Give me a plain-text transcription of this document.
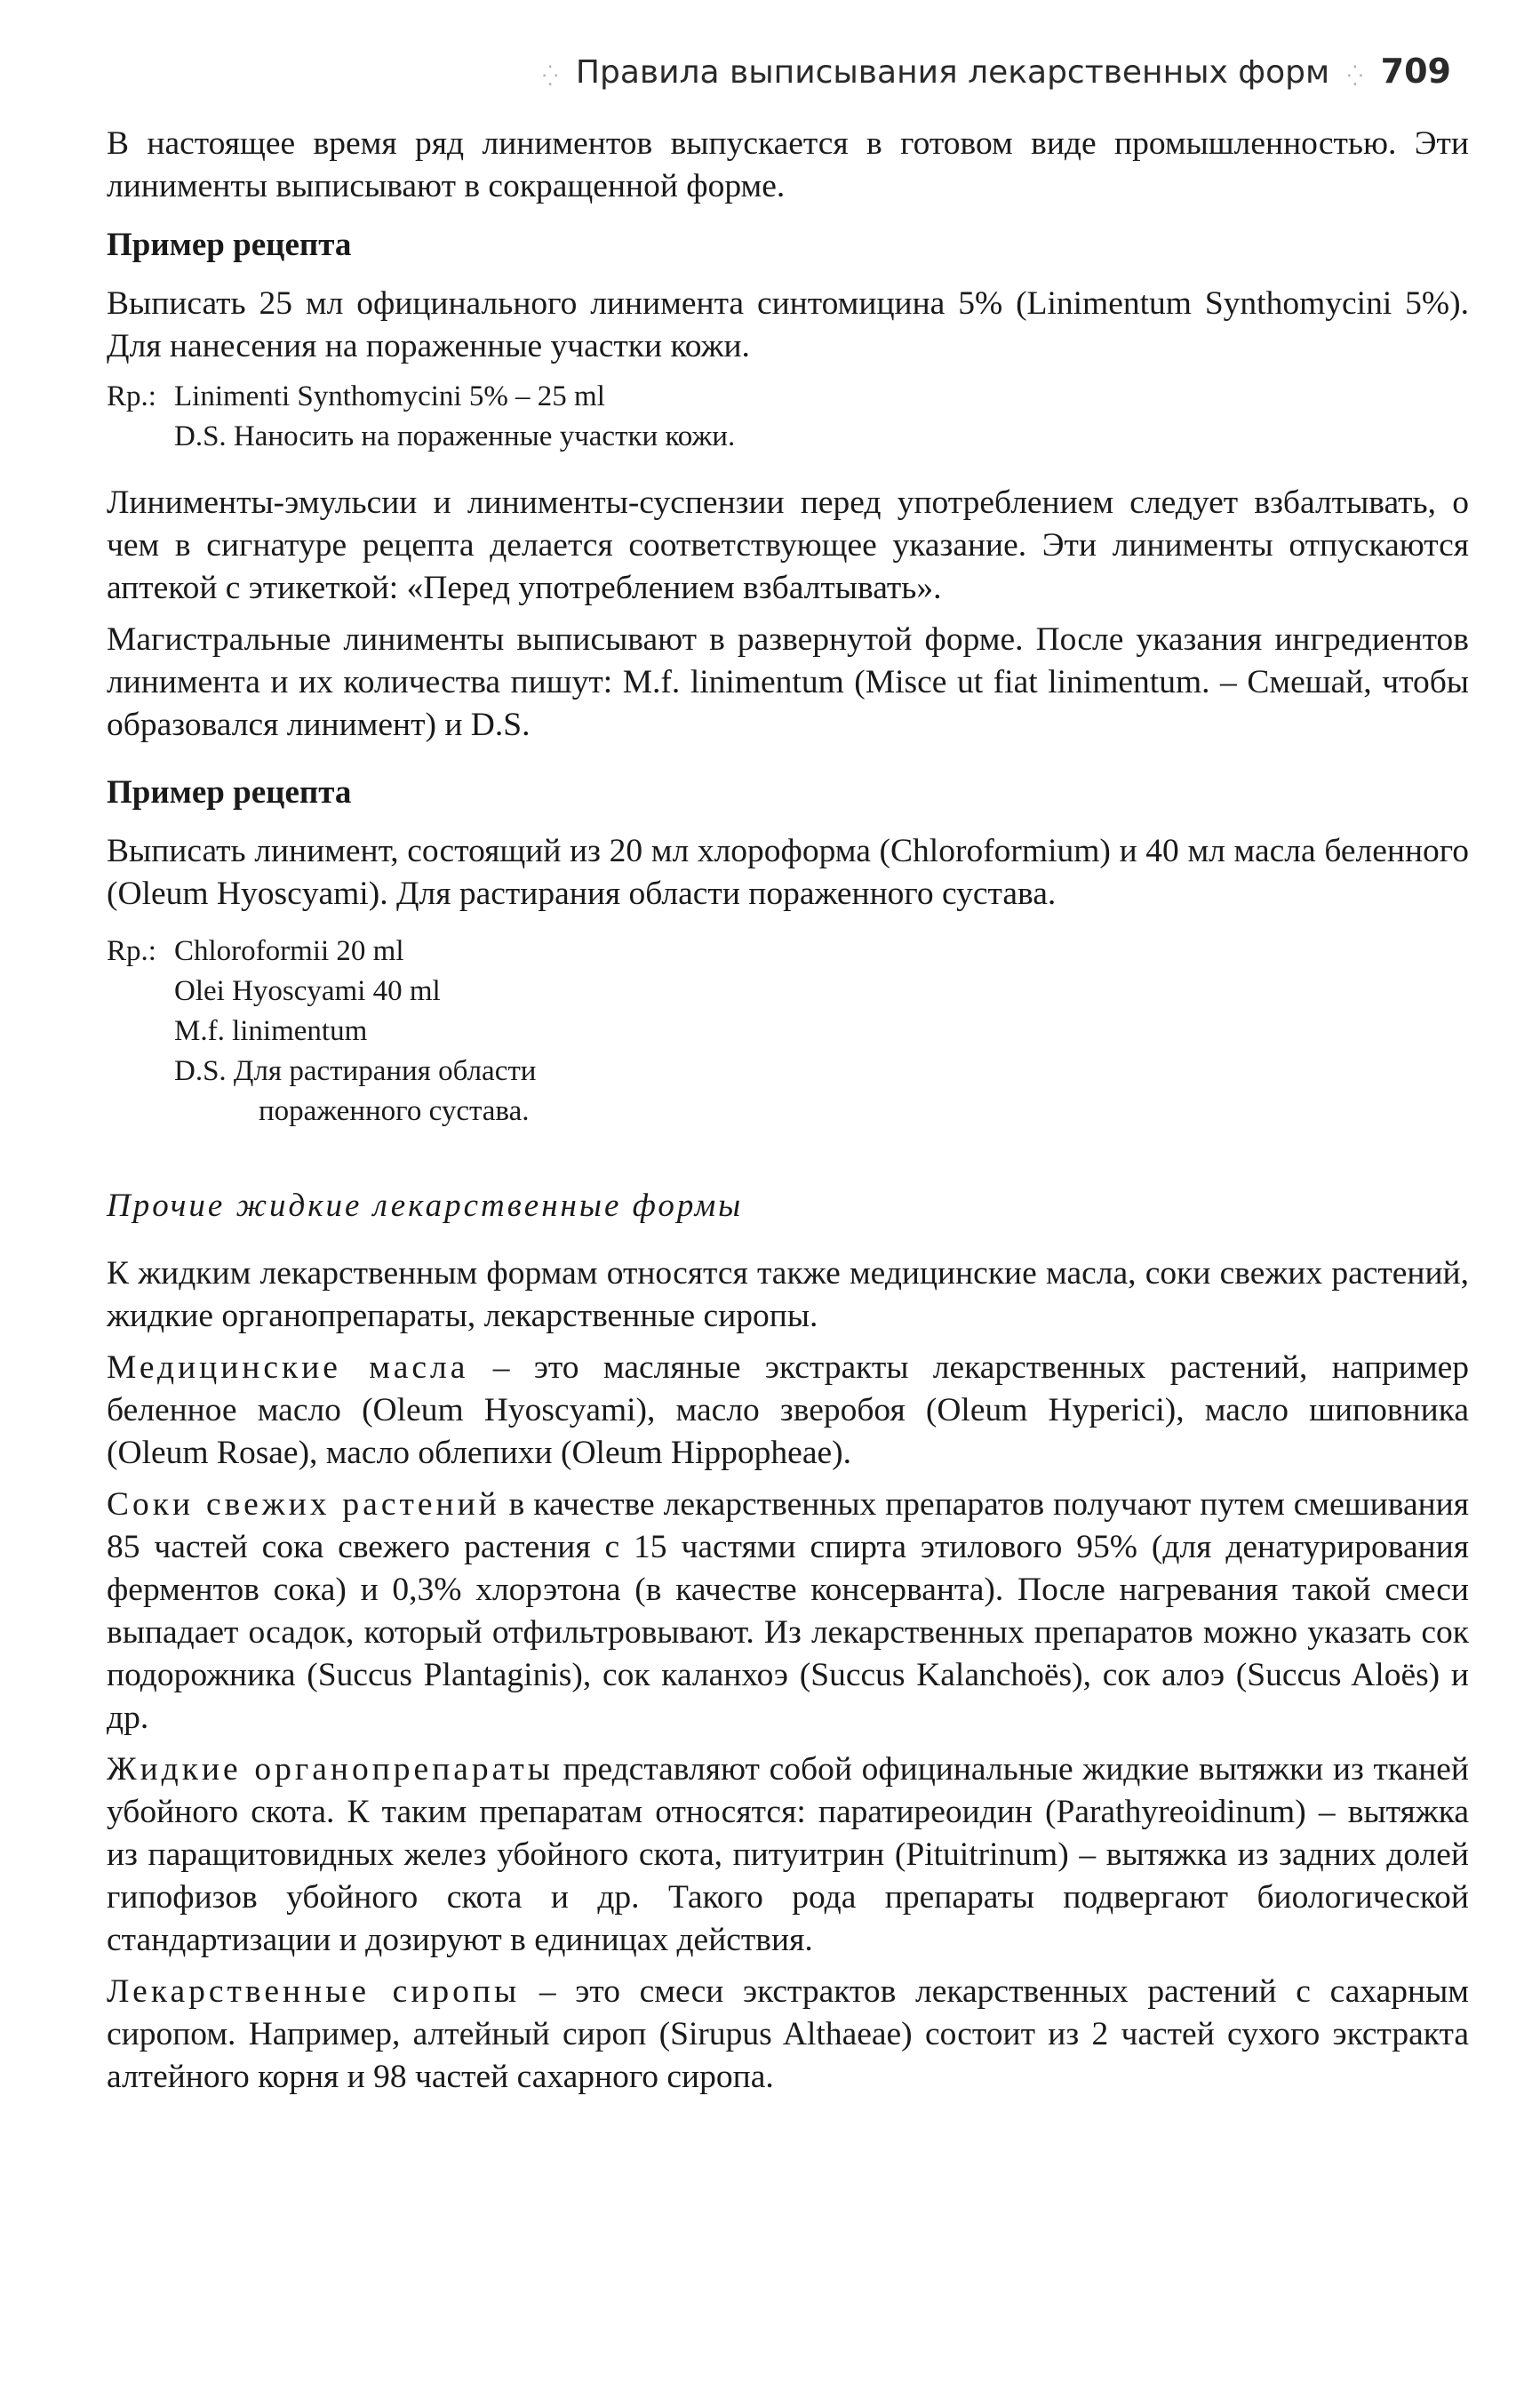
⁛ Правила выписывания лекарственных форм ⁛ 709

В настоящее время ряд линиментов выпускается в готовом виде промышленностью. Эти линименты выписывают в сокращенной форме.

Пример рецепта

Выписать 25 мл официнального линимента синтомицина 5% (Linimentum Synthomycini 5%). Для нанесения на пораженные участки кожи.

Rp.: Linimenti Synthomycini 5% – 25 ml
D.S. Наносить на пораженные участки кожи.

Линименты-эмульсии и линименты-суспензии перед употреблением следует взбалтывать, о чем в сигнатуре рецепта делается соответствующее указание. Эти линименты отпускаются аптекой с этикеткой: «Перед употреблением взбалтывать».

Магистральные линименты выписывают в развернутой форме. После указания ингредиентов линимента и их количества пишут: M.f. linimentum (Misce ut fiat linimentum. – Смешай, чтобы образовался линимент) и D.S.

Пример рецепта

Выписать линимент, состоящий из 20 мл хлороформа (Chloroformium) и 40 мл масла беленного (Oleum Hyoscyami). Для растирания области пораженного сустава.

Rp.: Chloroformii 20 ml
Olei Hyoscyami 40 ml
M.f. linimentum
D.S. Для растирания области
пораженного сустава.
Прочие жидкие лекарственные формы

К жидким лекарственным формам относятся также медицинские масла, соки свежих растений, жидкие органопрепараты, лекарственные сиропы.

Медицинские масла – это масляные экстракты лекарственных растений, например беленное масло (Oleum Hyoscyami), масло зверобоя (Oleum Hyperici), масло шиповника (Oleum Rosae), масло облепихи (Oleum Hippopheae).

Соки свежих растений в качестве лекарственных препаратов получают путем смешивания 85 частей сока свежего растения с 15 частями спирта этилового 95% (для денатурирования ферментов сока) и 0,3% хлорэтона (в качестве консерванта). После нагревания такой смеси выпадает осадок, который отфильтровывают. Из лекарственных препаратов можно указать сок подорожника (Succus Plantaginis), сок каланхоэ (Succus Kalanchoës), сок алоэ (Succus Aloës) и др.

Жидкие органопрепараты представляют собой официнальные жидкие вытяжки из тканей убойного скота. К таким препаратам относятся: паратиреоидин (Parathyreoidinum) – вытяжка из паращитовидных желез убойного скота, питуитрин (Pituitrinum) – вытяжка из задних долей гипофизов убойного скота и др. Такого рода препараты подвергают биологической стандартизации и дозируют в единицах действия.

Лекарственные сиропы – это смеси экстрактов лекарственных растений с сахарным сиропом. Например, алтейный сироп (Sirupus Althaeae) состоит из 2 частей сухого экстракта алтейного корня и 98 частей сахарного сиропа.
